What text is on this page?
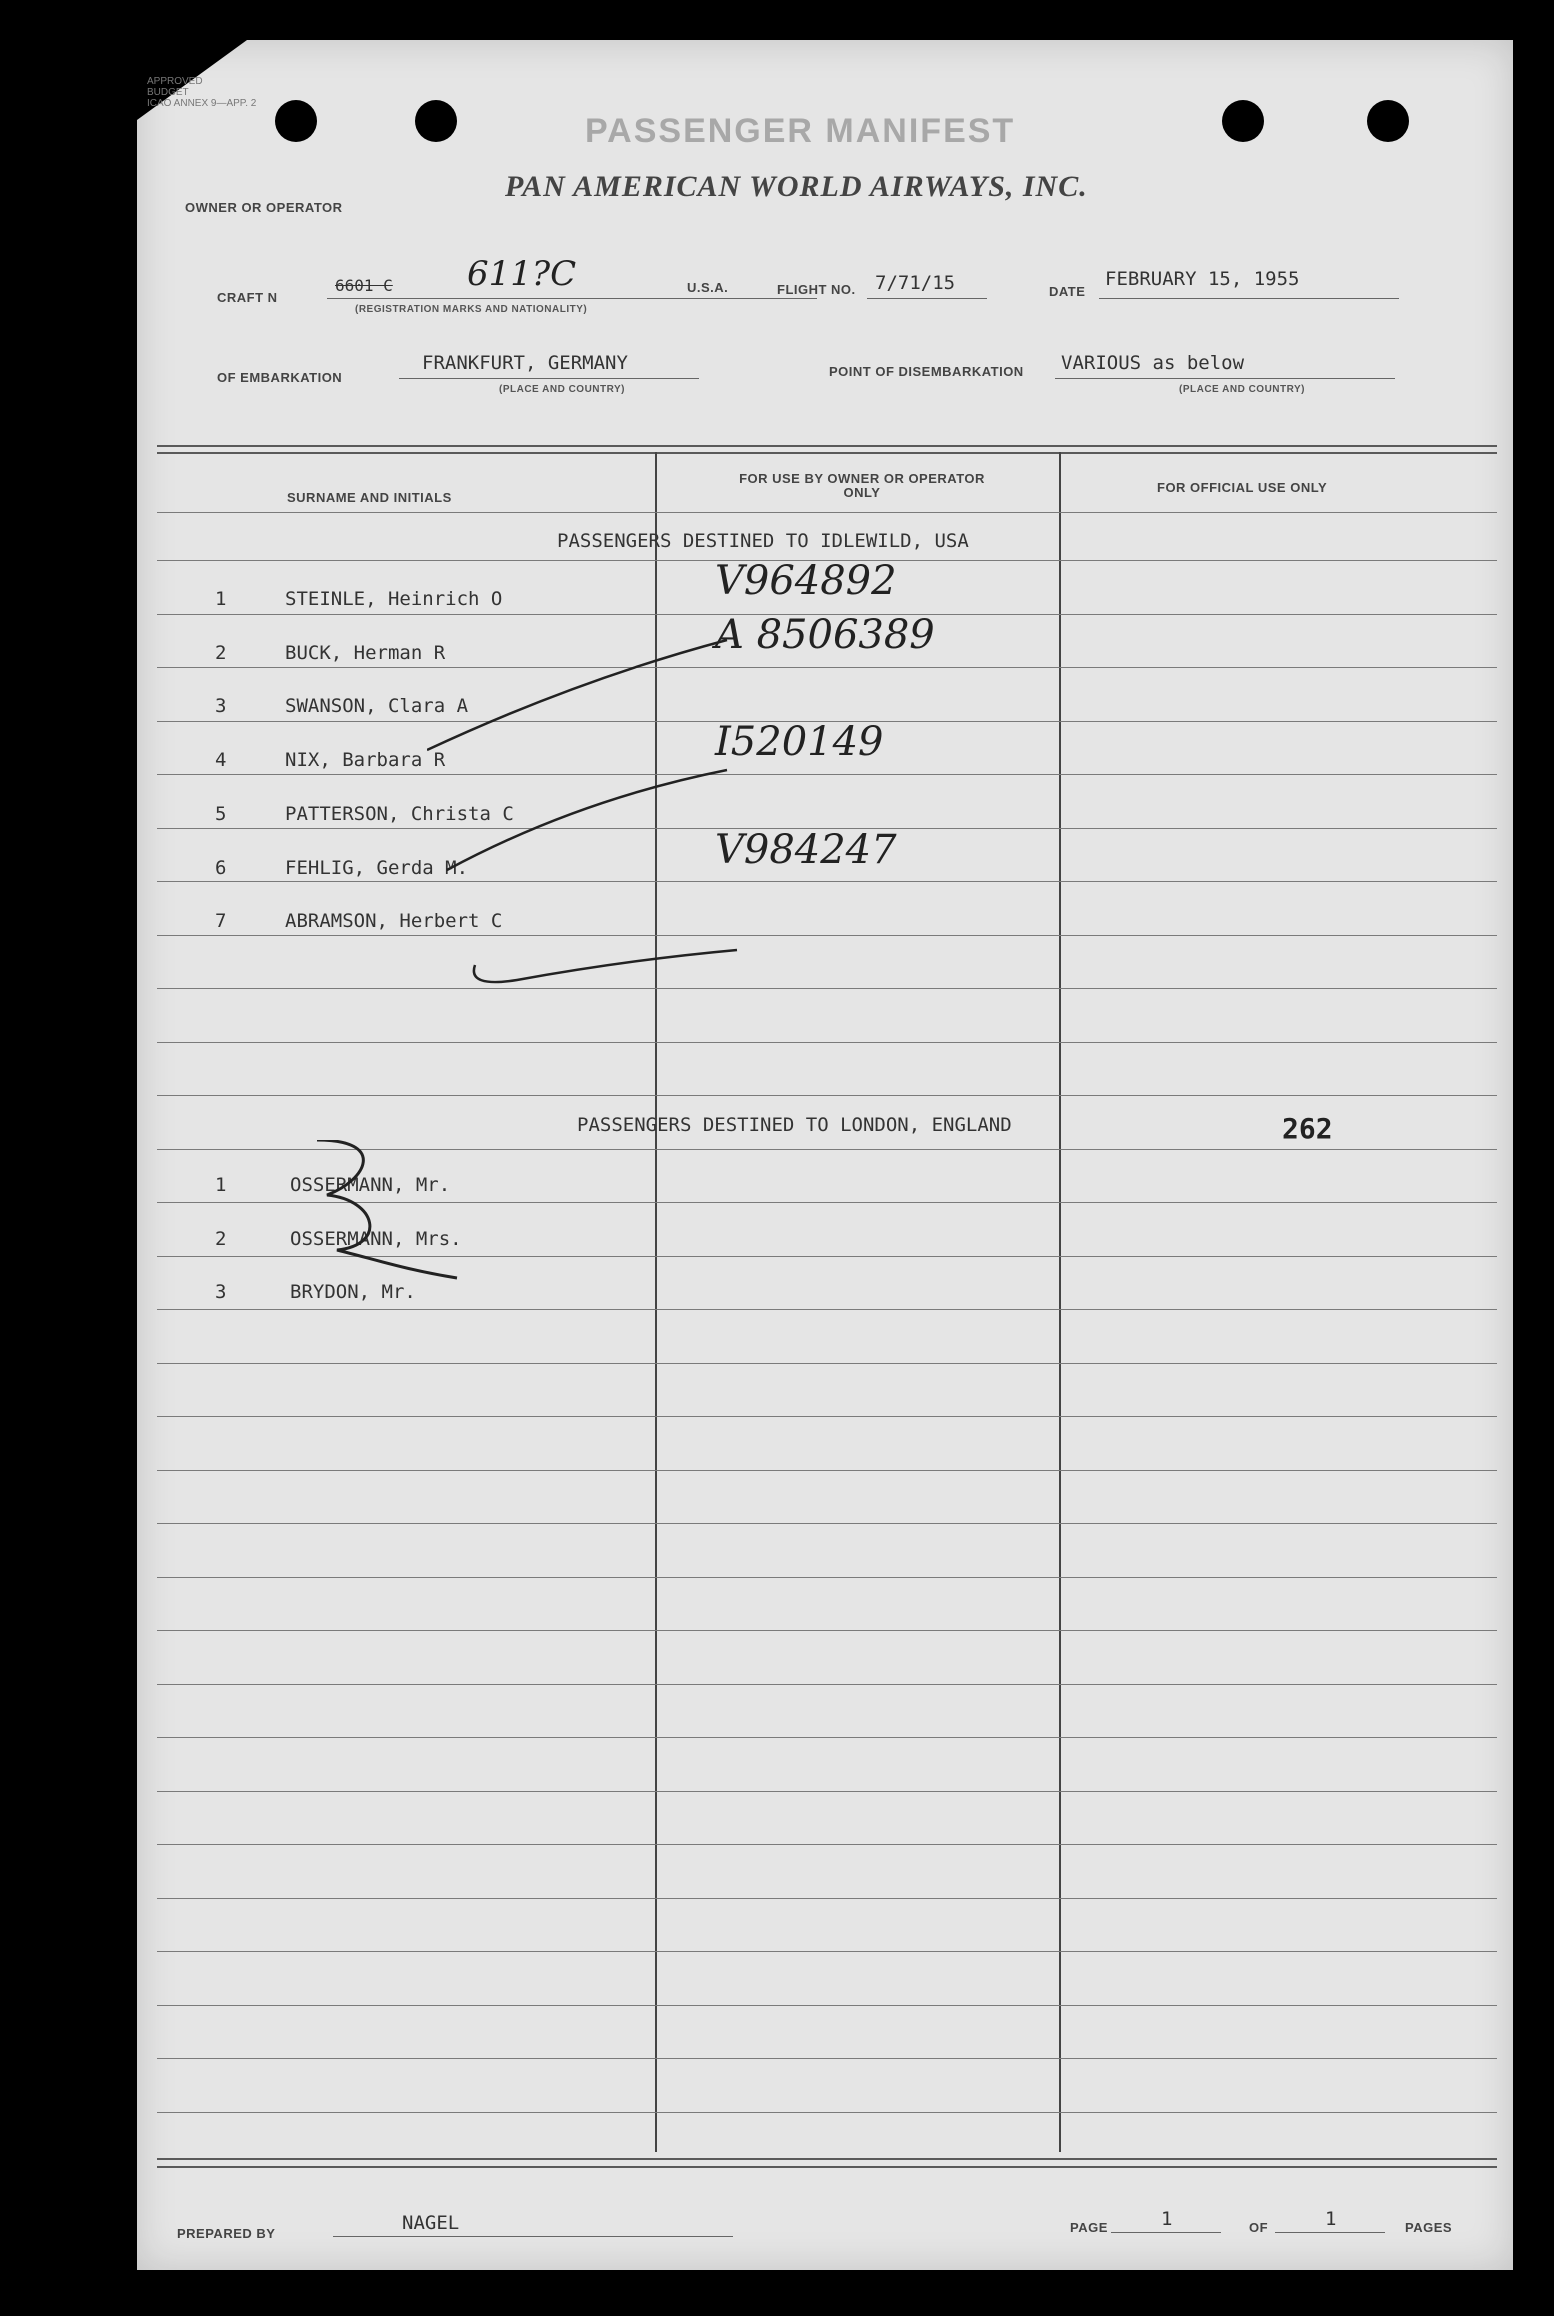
APPROVED
BUDGET
ICAO ANNEX 9—APP. 2
PASSENGER MANIFEST
OWNER OR OPERATOR
PAN AMERICAN WORLD AIRWAYS, INC.
CRAFT N
6601 C 611?C
(REGISTRATION MARKS AND NATIONALITY)
U.S.A.	FLIGHT NO. 7/71/15	DATE
FEBRUARY 15, 1955
OF EMBARKATION
FRANKFURT, GERMANY
(PLACE AND COUNTRY)
POINT OF DISEMBARKATION VARIOUS as below
(PLACE AND COUNTRY)
SURNAME AND INITIALS
FOR USE BY OWNER OR OPERATOR ONLY	FOR OFFICIAL USE ONLY
PASSENGERS DESTINED TO IDLEWILD, USA
1	STEINLE, Heinrich O	V964892
2	BUCK, Herman R	A 8506389
3	SWANSON, Clara A
4	NIX, Barbara R	I520149
5	PATTERSON, Christa C
6	FEHLIG, Gerda M.	V984247
7	ABRAMSON, Herbert C
PASSENGERS DESTINED TO LONDON, ENGLAND	262
1	OSSERMANN, Mr.
2	OSSERMANN, Mrs.
3	BRYDON, Mr.
PREPARED BY	NAGEL	PAGE	1	OF	1	PAGES
